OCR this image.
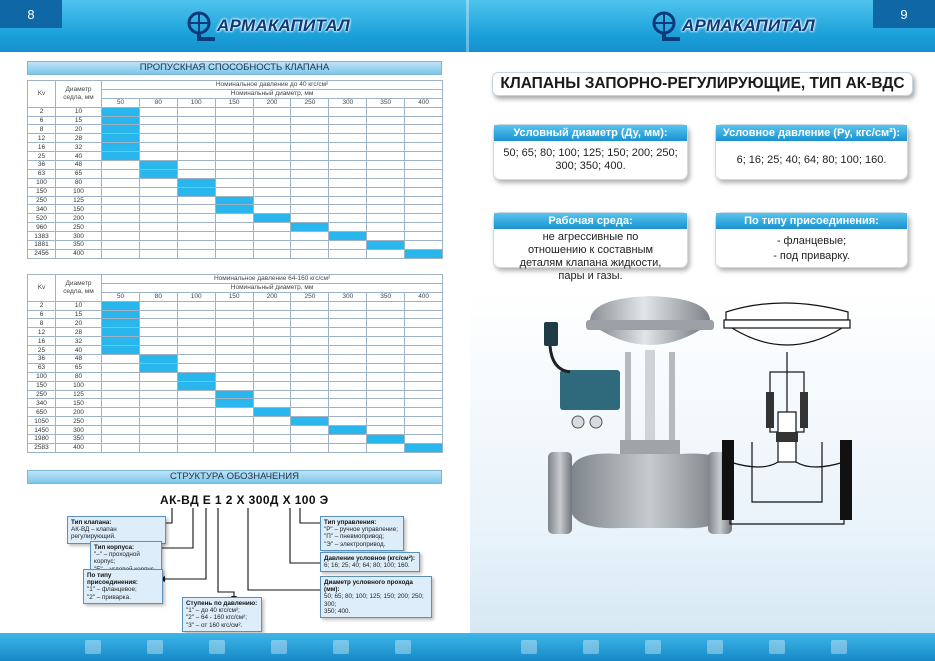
АРМАКАПИТАЛ	АРМАКАПИТАЛ
ПРОПУСКНАЯ СПОСОБНОСТЬ КЛАПАНА
Kv	Диаметр седла, мм	Номинальное давление до 40 кгс/см²								
		Номинальный диаметр, мм								
		50	80	100	150	200	250	300	350	400
2	10									
6	15									
8	20									
12	28									
16	32									
25	40									
36	48									
63	65									
100	80									
150	100									
250	125									
340	150									
520	200									
960	250									
1383	300									
1881	350									
2456	400									
Kv	Диаметр седла, мм	Номинальное давление 64-160 кгс/см²								
		Номинальный диаметр, мм								
		50	80	100	150	200	250	300	350	400
2	10									
6	15									
8	20									
12	28									
16	32									
25	40									
36	48									
63	65									
100	80									
150	100									
250	125									
340	150									
650	200									
1050	250									
1450	300									
1980	350									
2583	400									
СТРУКТУРА ОБОЗНАЧЕНИЯ
АК-ВД Е 1 2 Х 300Д Х 100 Э
Тип клапана:
АК-ВД – клапан регулирующий.
Тип корпуса:
"–" – проходной корпус;
По типу присоединения:
"1" – фланцевое;
"2" – приварка.
Ступень по давлению:
"1" – до 40 кгс/см²;
"2" – 64 - 160 кгс/см²;
"3" – от 160 кгс/см².
Тип управления:
"Р" – ручное управление;
"П" – пневмопривод;
"Э" – электропривод.
Давление условное (кгс/см²):
6; 16; 25; 40; 64; 80; 100; 160.
Диаметр условного прохода (мм):
50; 65; 80; 100; 125; 150; 200; 250; 300;
350; 400.
КЛАПАНЫ ЗАПОРНО-РЕГУЛИРУЮЩИЕ, ТИП АК-ВДС
Условный диаметр (Ду, мм):
50; 65; 80; 100; 125; 150; 200; 250; 300; 350; 400.
Условное давление (Ру, кгс/см²):
6; 16; 25; 40; 64; 80; 100; 160.
Рабочая среда:
не агрессивные по отношению к составным деталям клапана жидкости, пары и газы.
По типу присоединения:
- фланцевые;
- под приварку.
8	9
